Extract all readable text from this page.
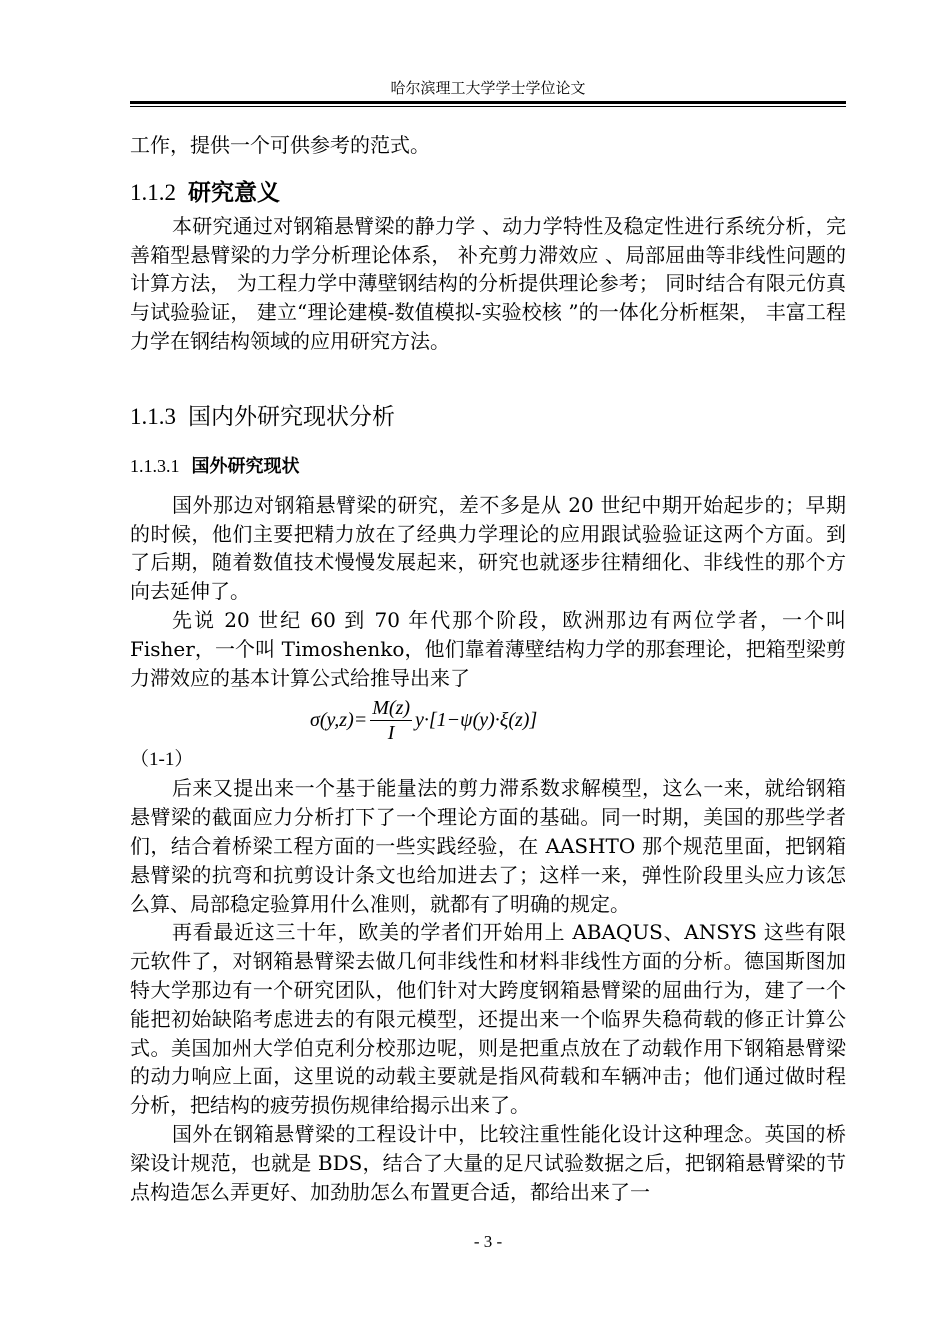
哈尔滨理工大学学士学位论文

工作，提供一个可供参考的范式。

1.1.2 研究意义

本研究通过对钢箱悬臂梁的静力学 、动力学特性及稳定性进行系统分析，完善箱型悬臂梁的力学分析理论体系， 补充剪力滞效应 、局部屈曲等非线性问题的计算方法， 为工程力学中薄壁钢结构的分析提供理论参考； 同时结合有限元仿真与试验验证， 建立“理论建模-数值模拟-实验校核 ”的一体化分析框架， 丰富工程力学在钢结构领域的应用研究方法。

1.1.3 国内外研究现状分析
1.1.3.1 国外研究现状

国外那边对钢箱悬臂梁的研究，差不多是从 20 世纪中期开始起步的；早期的时候，他们主要把精力放在了经典力学理论的应用跟试验验证这两个方面。到了后期，随着数值技术慢慢发展起来，研究也就逐步往精细化、非线性的那个方向去延伸了。

先说 20 世纪 60 到 70 年代那个阶段，欧洲那边有两位学者，一个叫 Fisher，一个叫 Timoshenko，他们靠着薄壁结构力学的那套理论，把箱型梁剪力滞效应的基本计算公式给推导出来了

$\sigma(y,z)= \frac{M(z)}{I} y\cdot[1-\psi(y)\cdot\xi(z)]$

（1-1）

后来又提出来一个基于能量法的剪力滞系数求解模型，这么一来，就给钢箱悬臂梁的截面应力分析打下了一个理论方面的基础。同一时期，美国的那些学者们，结合着桥梁工程方面的一些实践经验，在 AASHTO 那个规范里面，把钢箱悬臂梁的抗弯和抗剪设计条文也给加进去了；这样一来，弹性阶段里头应力该怎么算、局部稳定验算用什么准则，就都有了明确的规定。

再看最近这三十年，欧美的学者们开始用上 ABAQUS、ANSYS 这些有限元软件了，对钢箱悬臂梁去做几何非线性和材料非线性方面的分析。德国斯图加特大学那边有一个研究团队，他们针对大跨度钢箱悬臂梁的屈曲行为，建了一个能把初始缺陷考虑进去的有限元模型，还提出来一个临界失稳荷载的修正计算公式。美国加州大学伯克利分校那边呢，则是把重点放在了动载作用下钢箱悬臂梁的动力响应上面，这里说的动载主要就是指风荷载和车辆冲击；他们通过做时程分析，把结构的疲劳损伤规律给揭示出来了。

国外在钢箱悬臂梁的工程设计中，比较注重性能化设计这种理念。英国的桥梁设计规范，也就是 BDS，结合了大量的足尺试验数据之后，把钢箱悬臂梁的节点构造怎么弄更好、加劲肋怎么布置更合适，都给出来了一

- 3 -
